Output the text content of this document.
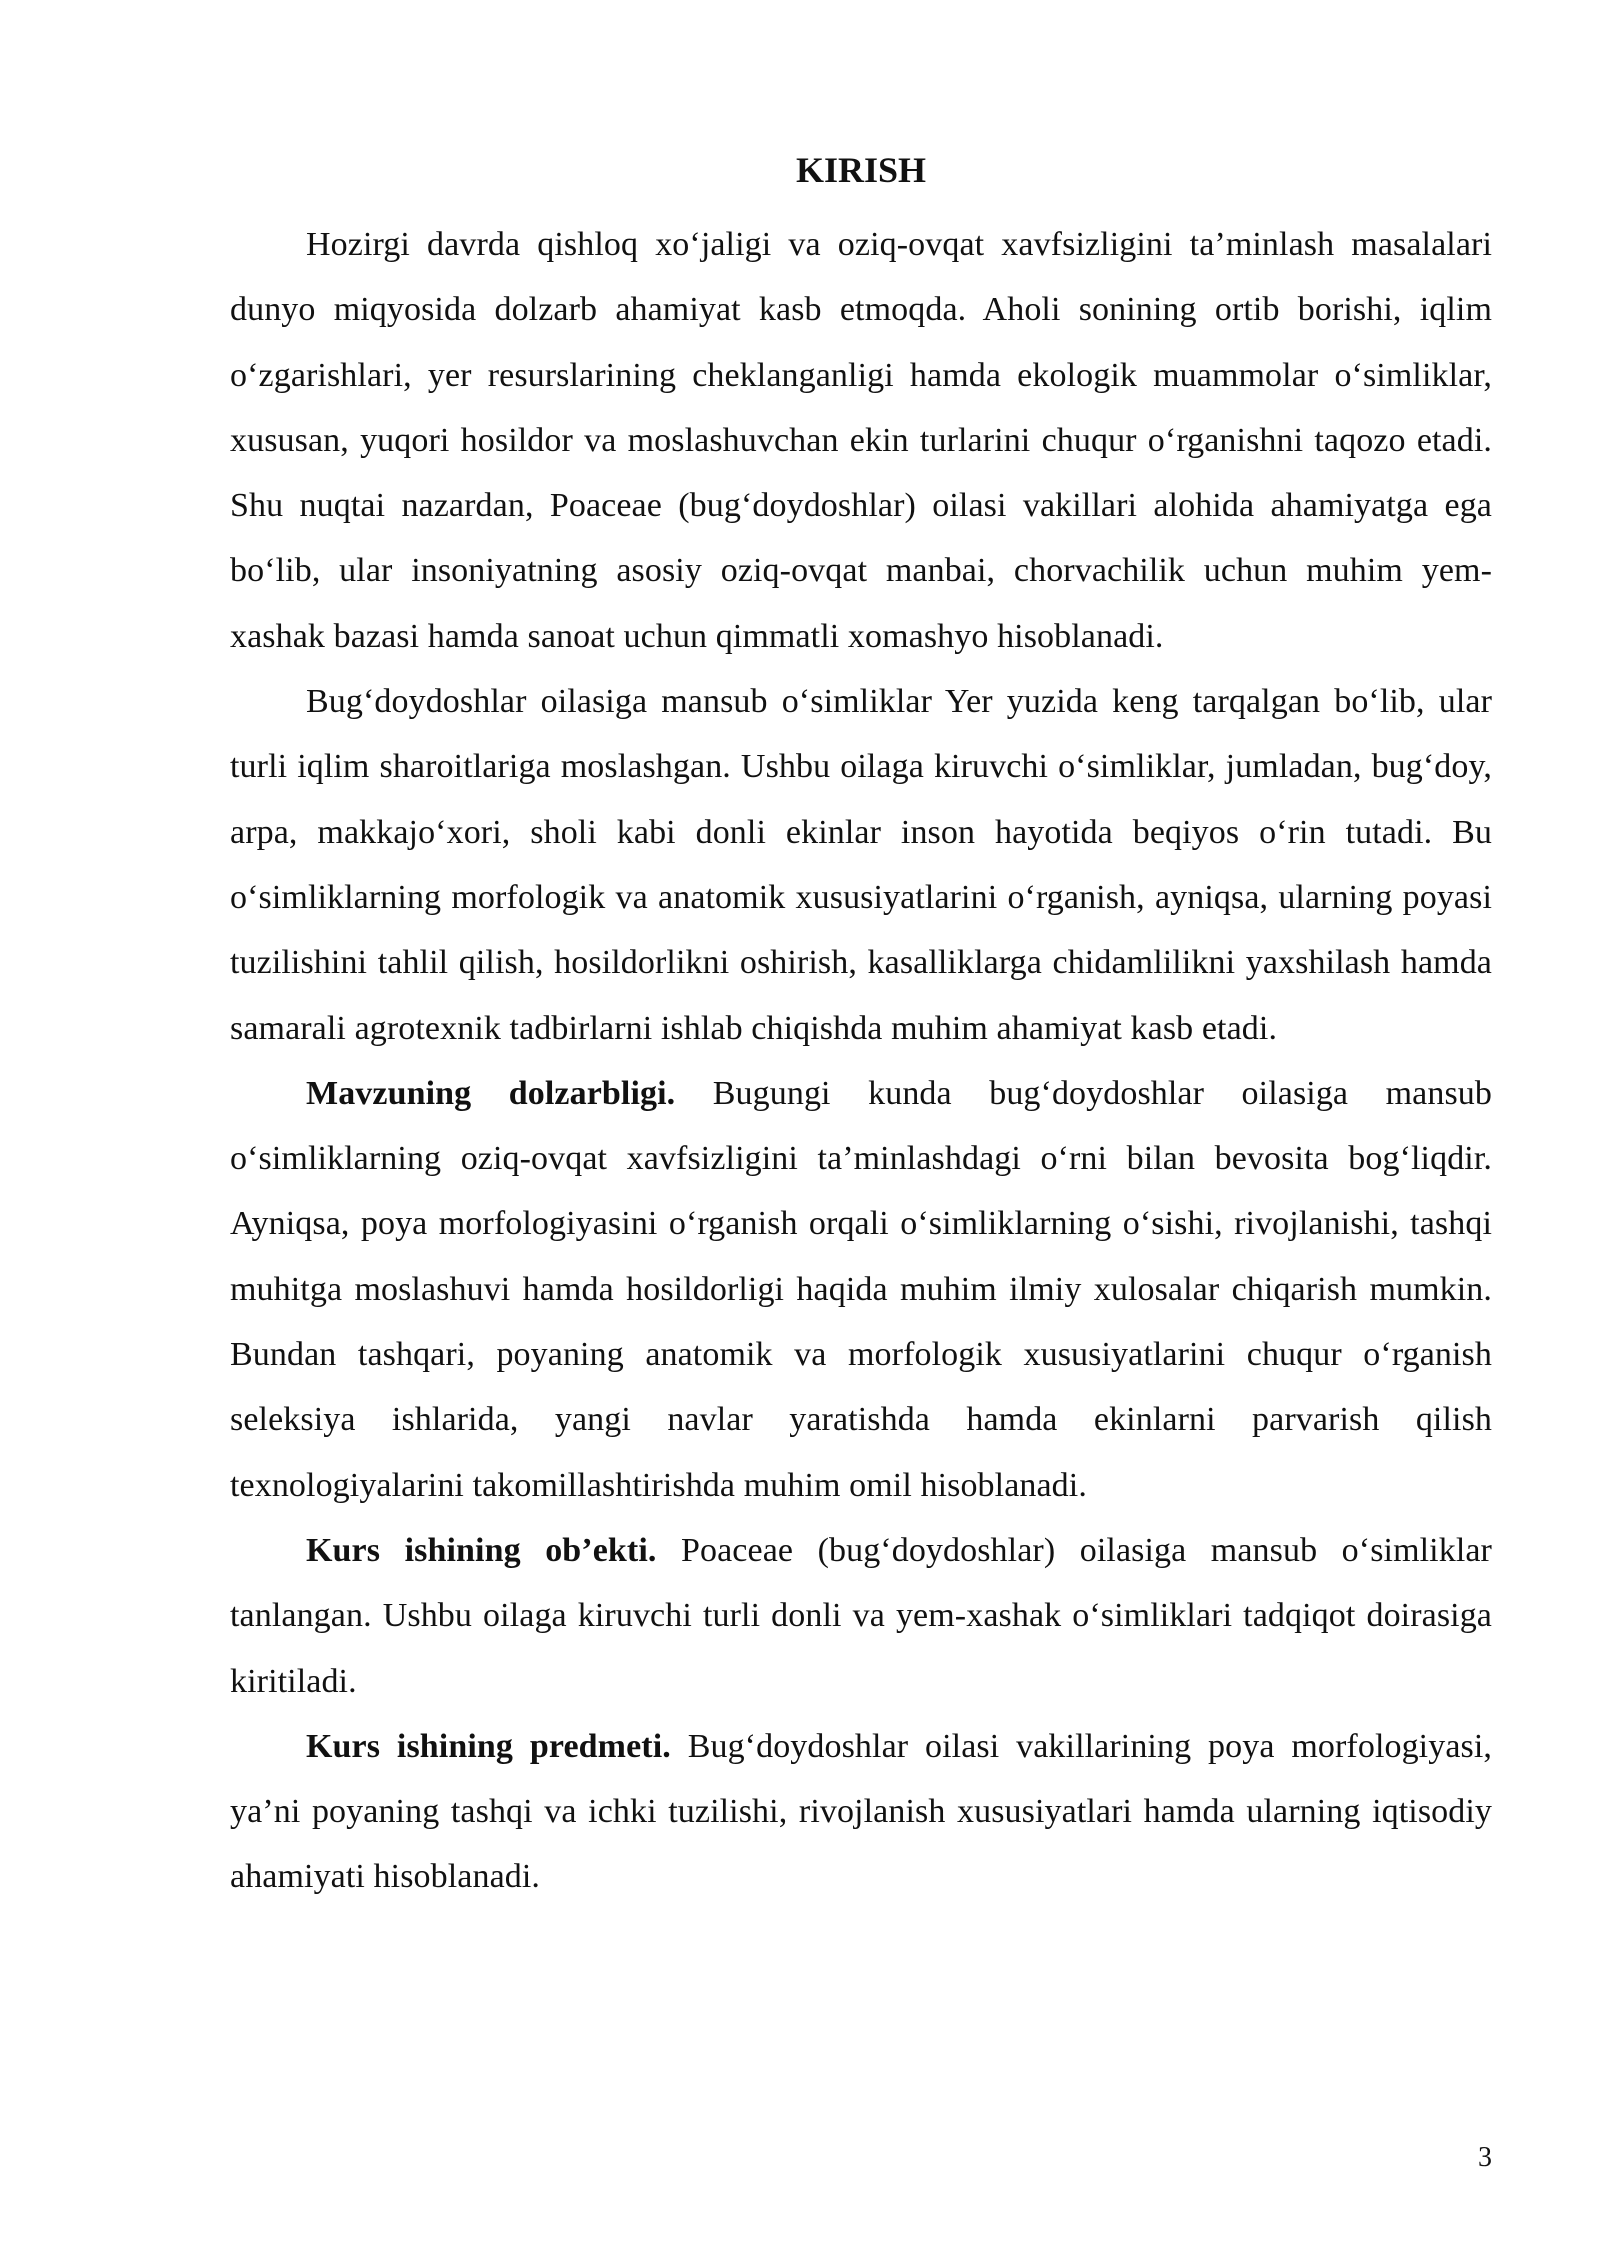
KIRISH

Hozirgi davrda qishloq xo‘jaligi va oziq-ovqat xavfsizligini ta’minlash masalalari dunyo miqyosida dolzarb ahamiyat kasb etmoqda. Aholi sonining ortib borishi, iqlim o‘zgarishlari, yer resurslarining cheklanganligi hamda ekologik muammolar o‘simliklar, xususan, yuqori hosildor va moslashuvchan ekin turlarini chuqur o‘rganishni taqozo etadi. Shu nuqtai nazardan, Poaceae (bug‘doydoshlar) oilasi vakillari alohida ahamiyatga ega bo‘lib, ular insoniyatning asosiy oziq-ovqat manbai, chorvachilik uchun muhim yem-xashak bazasi hamda sanoat uchun qimmatli xomashyo hisoblanadi.

Bug‘doydoshlar oilasiga mansub o‘simliklar Yer yuzida keng tarqalgan bo‘lib, ular turli iqlim sharoitlariga moslashgan. Ushbu oilaga kiruvchi o‘simliklar, jumladan, bug‘doy, arpa, makkajo‘xori, sholi kabi donli ekinlar inson hayotida beqiyos o‘rin tutadi. Bu o‘simliklarning morfologik va anatomik xususiyatlarini o‘rganish, ayniqsa, ularning poyasi tuzilishini tahlil qilish, hosildorlikni oshirish, kasalliklarga chidamlilikni yaxshilash hamda samarali agrotexnik tadbirlarni ishlab chiqishda muhim ahamiyat kasb etadi.

Mavzuning dolzarbligi. Bugungi kunda bug‘doydoshlar oilasiga mansub o‘simliklarning oziq-ovqat xavfsizligini ta’minlashdagi o‘rni bilan bevosita bog‘liqdir. Ayniqsa, poya morfologiyasini o‘rganish orqali o‘simliklarning o‘sishi, rivojlanishi, tashqi muhitga moslashuvi hamda hosildorligi haqida muhim ilmiy xulosalar chiqarish mumkin. Bundan tashqari, poyaning anatomik va morfologik xususiyatlarini chuqur o‘rganish seleksiya ishlarida, yangi navlar yaratishda hamda ekinlarni parvarish qilish texnologiyalarini takomillashtirishda muhim omil hisoblanadi.

Kurs ishining ob’ekti. Poaceae (bug‘doydoshlar) oilasiga mansub o‘simliklar tanlangan. Ushbu oilaga kiruvchi turli donli va yem-xashak o‘simliklari tadqiqot doirasiga kiritiladi.

Kurs ishining predmeti. Bug‘doydoshlar oilasi vakillarining poya morfologiyasi, ya’ni poyaning tashqi va ichki tuzilishi, rivojlanish xususiyatlari hamda ularning iqtisodiy ahamiyati hisoblanadi.

3
